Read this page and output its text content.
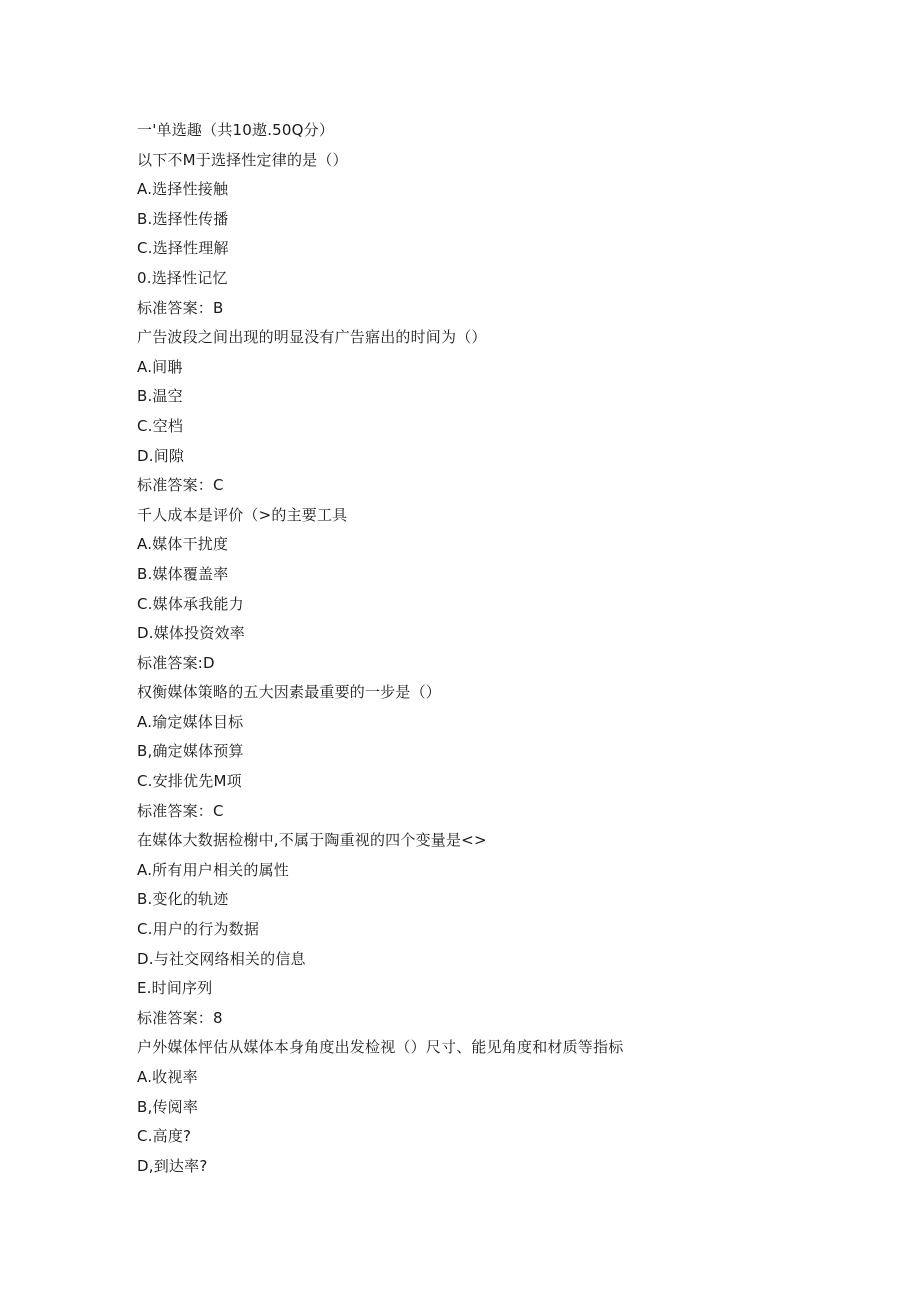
一'单选趣（共10遨.50Q分）
以下不M于选择性定律的是（）
A.选择性接触
B.选择性传播
C.选择性理解
0.选择性记忆
标准答案：B
广告波段之间出现的明显没有广告寤出的时间为（）
A.间聃
B.温空
C.空档
D.间隙
标准答案：C
千人成本是评价（>的主要工具
A.媒体干扰度
B.媒体覆盖率
C.媒体承我能力
D.媒体投资效率
标准答案:D
权衡媒体策略的五大因素最重要的一步是（）
A.瑜定媒体目标
B,确定媒体预算
C.安排优先M项
标准答案：C
在媒体大数据检榭中,不属于陶重视的四个变量是<>
A.所有用户相关的属性
B.变化的轨迹
C.用户的行为数据
D.与社交网络相关的信息
E.时间序列
标准答案：8
户外媒体怦估从媒体本身角度出发检视（）尺寸、能见角度和材质等指标
A.收视率
B,传阅率
C.高度?
D,到达率?
